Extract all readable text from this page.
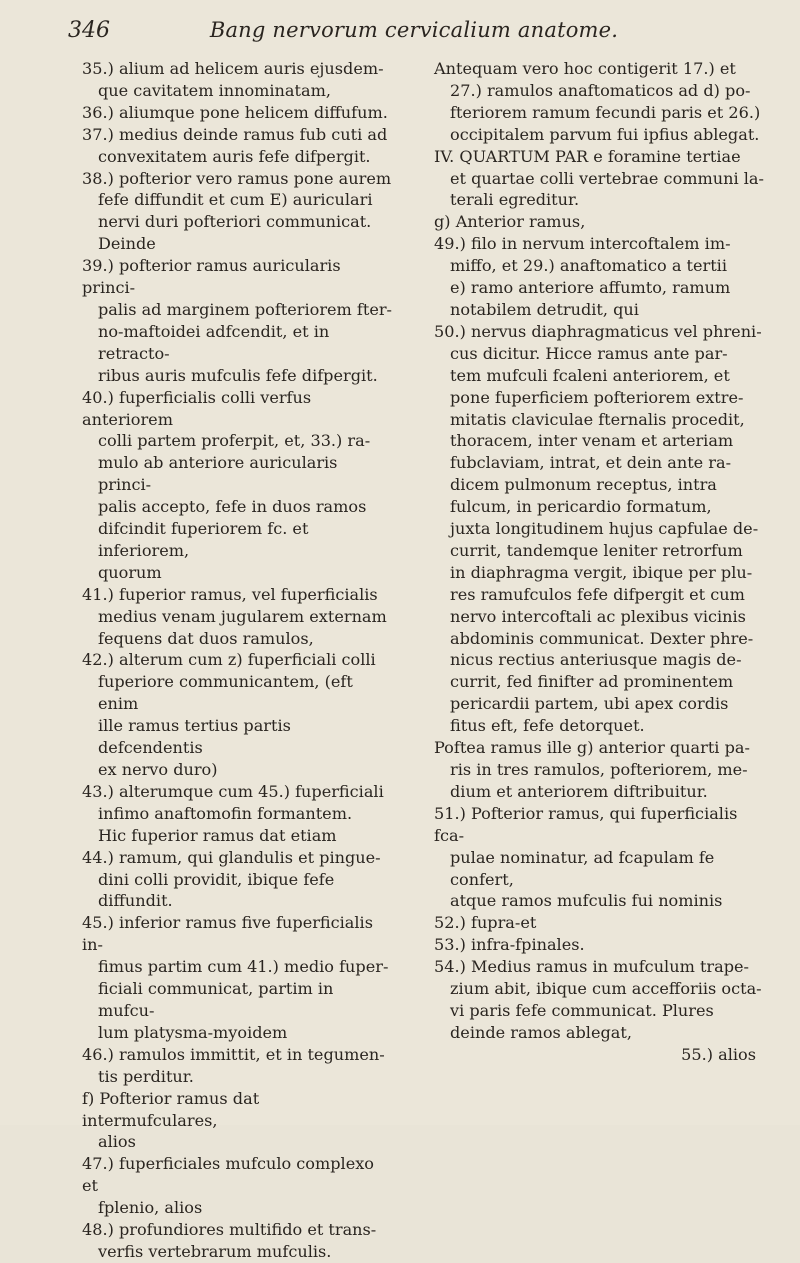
346	Bang nervorum cervicalium anatome.
35.) alium ad helicem auris ejusdem-
que cavitatem innominatam,
36.) aliumque pone helicem diffufum.
37.) medius deinde ramus fub cuti ad
convexitatem auris fefe difpergit.
38.) pofterior vero ramus pone aurem
fefe diffundit et cum E) auriculari
nervi duri pofteriori communicat.
Deinde
39.) pofterior ramus auricularis princi-
palis ad marginem pofteriorem fter-
no-maftoidei adfcendit, et in retracto-
ribus auris mufculis fefe difpergit.
40.) fuperficialis colli verfus anteriorem
colli partem proferpit, et, 33.) ra-
mulo ab anteriore auricularis princi-
palis accepto, fefe in duos ramos
difcindit fuperiorem fc. et inferiorem,
quorum
41.) fuperior ramus, vel fuperficialis
medius venam jugularem externam
fequens dat duos ramulos,
42.) alterum cum z) fuperficiali colli
fuperiore communicantem, (eft enim
ille ramus tertius partis defcendentis
ex nervo duro)
43.) alterumque cum 45.) fuperficiali
infimo anaftomofin formantem.
Hic fuperior ramus dat etiam
44.) ramum, qui glandulis et pingue-
dini colli providit, ibique fefe diffundit.
45.) inferior ramus five fuperficialis in-
fimus partim cum 41.) medio fuper-
ficiali communicat, partim in mufcu-
lum platysma-myoidem
46.) ramulos immittit, et in tegumen-
tis perditur.
f) Pofterior ramus dat intermufculares,
alios
47.) fuperficiales mufculo complexo et
fplenio, alios
48.) profundiores multifido et trans-
verfis vertebrarum mufculis.
Antequam vero hoc contigerit 17.) et
27.) ramulos anaftomaticos ad d) po-
fteriorem ramum fecundi paris et 26.)
occipitalem parvum fui ipfius ablegat.
IV. QUARTUM PAR e foramine tertiae
et quartae colli vertebrae communi la-
terali egreditur.
g) Anterior ramus,
49.) filo in nervum intercoftalem im-
miffo, et 29.) anaftomatico a tertii
e) ramo anteriore affumto, ramum
notabilem detrudit, qui
50.) nervus diaphragmaticus vel phreni-
cus dicitur. Hicce ramus ante par-
tem mufculi fcaleni anteriorem, et
pone fuperficiem pofteriorem extre-
mitatis claviculae fternalis procedit,
thoracem, inter venam et arteriam
fubclaviam, intrat, et dein ante ra-
dicem pulmonum receptus, intra
fulcum, in pericardio formatum,
juxta longitudinem hujus capfulae de-
currit, tandemque leniter retrorfum
in diaphragma vergit, ibique per plu-
res ramufculos fefe difpergit et cum
nervo intercoftali ac plexibus vicinis
abdominis communicat. Dexter phre-
nicus rectius anteriusque magis de-
currit, fed finifter ad prominentem
pericardii partem, ubi apex cordis
fitus eft, fefe detorquet.
Poftea ramus ille g) anterior quarti pa-
ris in tres ramulos, pofteriorem, me-
dium et anteriorem diftribuitur.
51.) Pofterior ramus, qui fuperficialis fca-
pulae nominatur, ad fcapulam fe confert,
atque ramos mufculis fui nominis
52.) fupra-et
53.) infra-fpinales.
54.) Medius ramus in mufculum trape-
zium abit, ibique cum accefforiis octa-
vi paris fefe communicat. Plures
deinde ramos ablegat,
55.) alios
